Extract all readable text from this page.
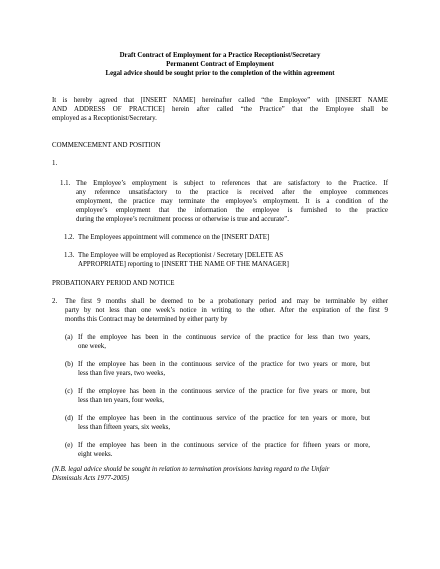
Draft Contract of Employment for a Practice Receptionist/Secretary
Permanent Contract of Employment
Legal advice should be sought prior to the completion of the within agreement
It is hereby agreed that [INSERT NAME] hereinafter called “the Employee” with [INSERT NAME
AND ADDRESS OF PRACTICE] herein after called “the Practice” that the Employee shall be
employed as a Receptionist/Secretary.
COMMENCEMENT AND POSITION
1.
1.1. The Employee’s employment is subject to references that are satisfactory to the Practice. If
any reference unsatisfactory to the practice is received after the employee commences
employment, the practice may terminate the employee’s employment. It is a condition of the
employee’s employment that the information the employee is furnished to the practice
during the employee’s recruitment process or otherwise is true and accurate”.
1.2. The Employees appointment will commence on the [INSERT DATE]
1.3. The Employee will be employed as Receptionist / Secretary [DELETE AS
APPROPRIATE] reporting to [INSERT THE NAME OF THE MANAGER]
PROBATIONARY PERIOD AND NOTICE
2. The first 9 months shall be deemed to be a probationary period and may be terminable by either
party by not less than one week’s notice in writing to the other. After the expiration of the first 9
months this Contract may be determined by either party by
(a) If the employee has been in the continuous service of the practice for less than two years,
one week,
(b) If the employee has been in the continuous service of the practice for two years or more, but
less than five years, two weeks,
(c) If the employee has been in the continuous service of the practice for five years or more, but
less than ten years, four weeks,
(d) If the employee has been in the continuous service of the practice for ten years or more, but
less than fifteen years, six weeks,
(e) If the employee has been in the continuous service of the practice for fifteen years or more,
eight weeks.
(N.B. legal advice should be sought in relation to termination provisions having regard to the Unfair
Dismissals Acts 1977-2005)
